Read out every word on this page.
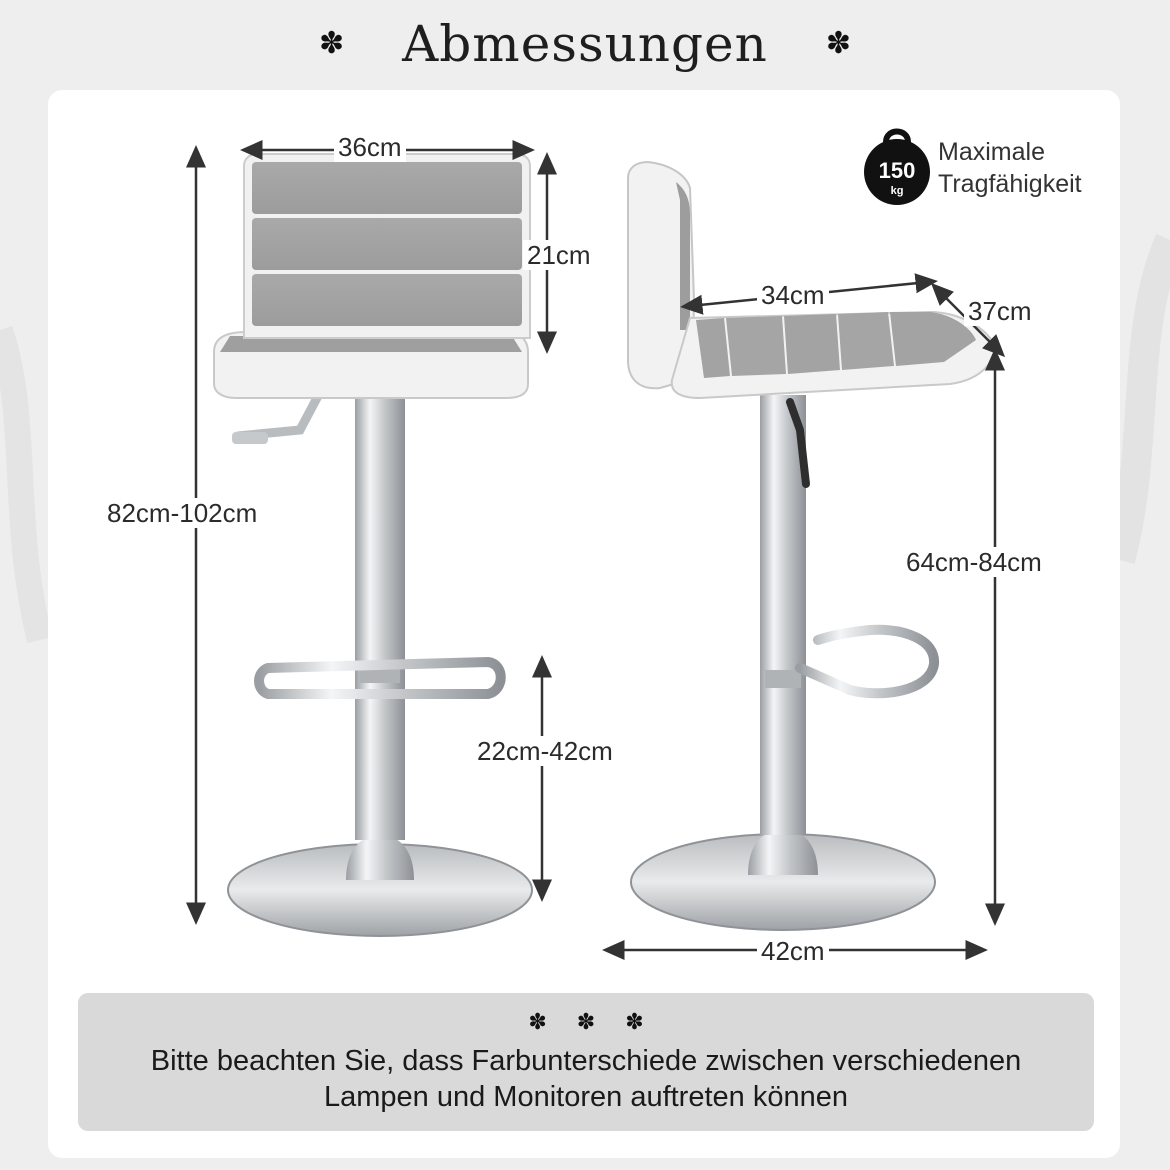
✽ Abmessungen ✽
36cm
21cm
82cm-102cm
22cm-42cm
34cm
37cm
64cm-84cm
42cm
150
kg
Maximale
Tragfähigkeit
✽✽✽
Bitte beachten Sie, dass Farbunterschiede zwischen verschiedenen
Lampen und Monitoren auftreten können
